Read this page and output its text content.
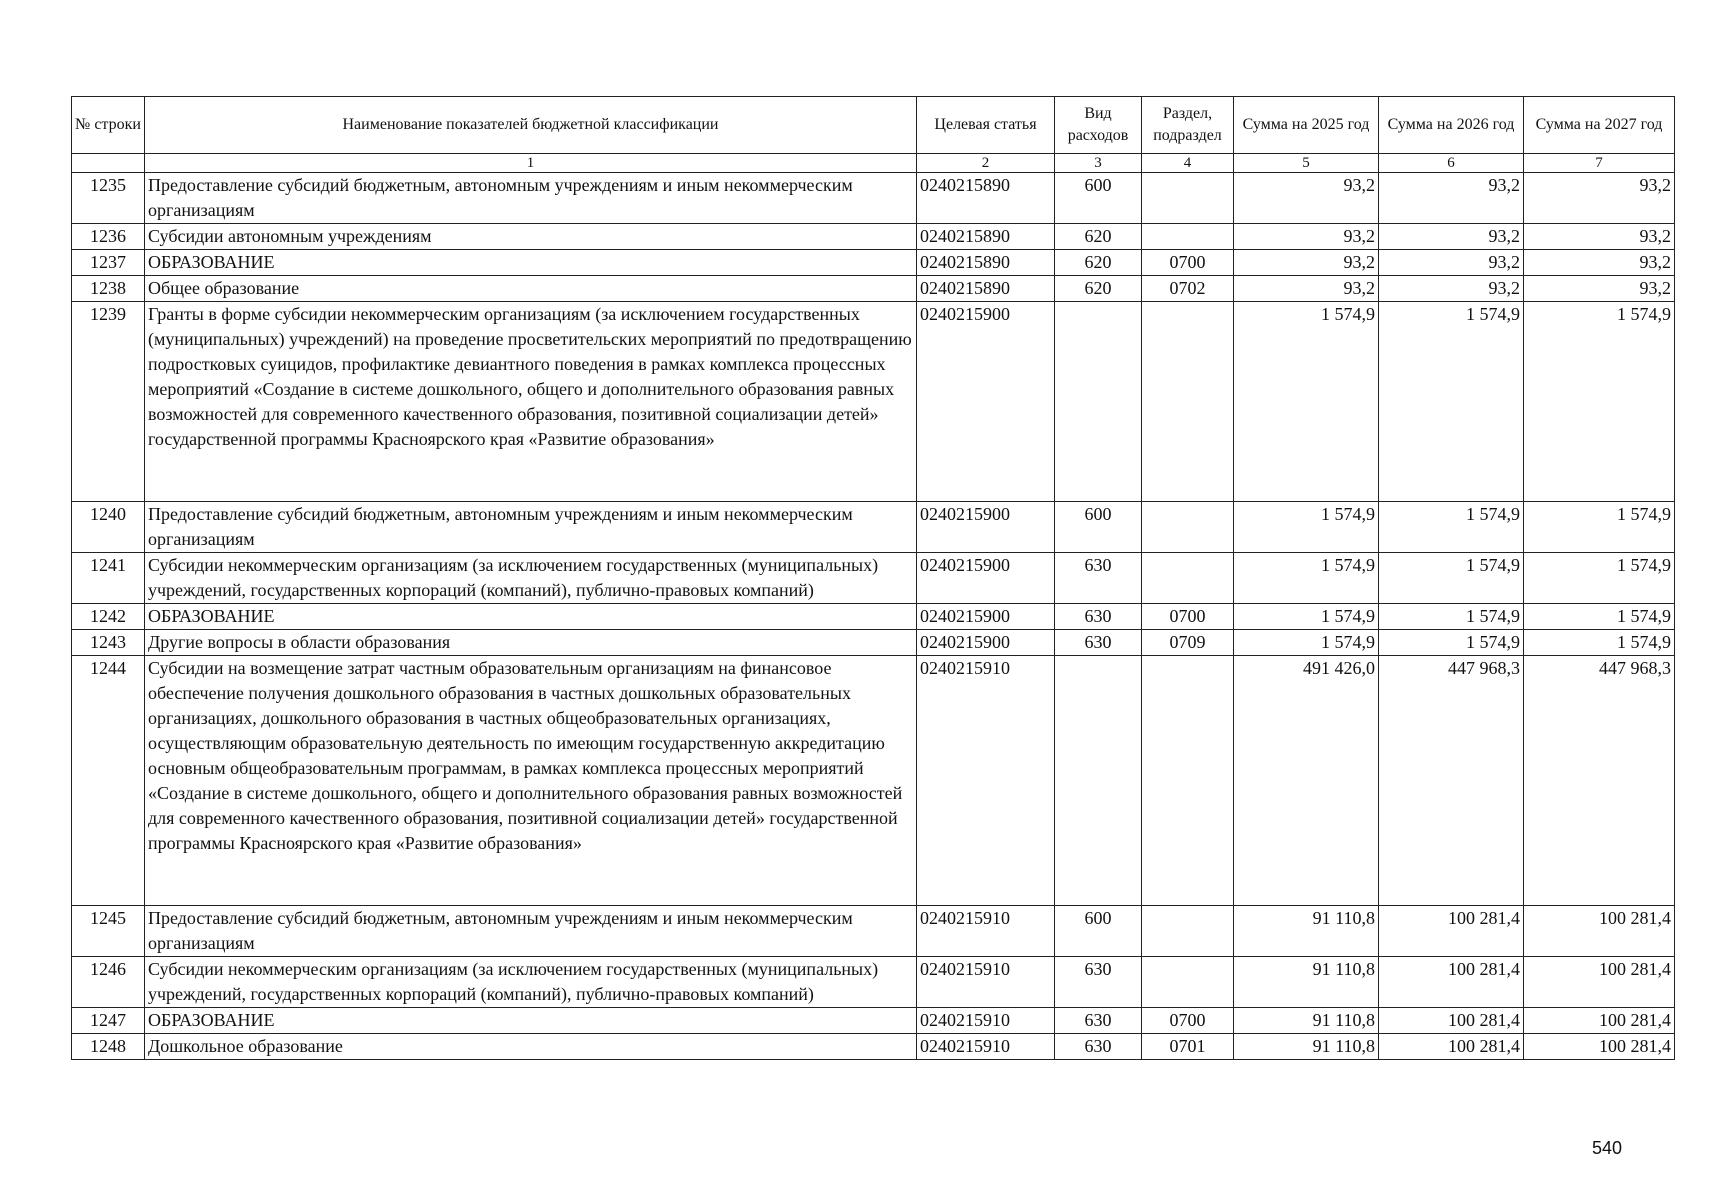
№ строки	Наименование показателей бюджетной классификации	Целевая статья	Вид расходов	Раздел, подраздел	Сумма на 2025 год	Сумма на 2026 год	Сумма на 2027 год
	1	2	3	4	5	6	7
1235	Предоставление субсидий бюджетным, автономным учреждениям и иным некоммерческим организациям	0240215890	600		93,2	93,2	93,2
1236	Субсидии автономным учреждениям	0240215890	620		93,2	93,2	93,2
1237	ОБРАЗОВАНИЕ	0240215890	620	0700	93,2	93,2	93,2
1238	Общее образование	0240215890	620	0702	93,2	93,2	93,2
1239	Гранты в форме субсидии некоммерческим организациям (за исключением государственных (муниципальных) учреждений) на проведение просветительских мероприятий по предотвращению подростковых суицидов, профилактике девиантного поведения в рамках комплекса процессных мероприятий «Создание в системе дошкольного, общего и дополнительного образования равных возможностей для современного качественного образования, позитивной социализации детей» государственной программы Красноярского края «Развитие образования»	0240215900			1 574,9	1 574,9	1 574,9
1240	Предоставление субсидий бюджетным, автономным учреждениям и иным некоммерческим организациям	0240215900	600		1 574,9	1 574,9	1 574,9
1241	Субсидии некоммерческим организациям (за исключением государственных (муниципальных) учреждений, государственных корпораций (компаний), публично-правовых компаний)	0240215900	630		1 574,9	1 574,9	1 574,9
1242	ОБРАЗОВАНИЕ	0240215900	630	0700	1 574,9	1 574,9	1 574,9
1243	Другие вопросы в области образования	0240215900	630	0709	1 574,9	1 574,9	1 574,9
1244	Субсидии на возмещение затрат частным образовательным организациям на финансовое обеспечение получения дошкольного образования в частных дошкольных образовательных организациях, дошкольного образования в частных общеобразовательных организациях, осуществляющим образовательную деятельность по имеющим государственную аккредитацию основным общеобразовательным программам, в рамках комплекса процессных мероприятий «Создание в системе дошкольного, общего и дополнительного образования равных возможностей для современного качественного образования, позитивной социализации детей» государственной программы Красноярского края «Развитие образования»	0240215910			491 426,0	447 968,3	447 968,3
1245	Предоставление субсидий бюджетным, автономным учреждениям и иным некоммерческим организациям	0240215910	600		91 110,8	100 281,4	100 281,4
1246	Субсидии некоммерческим организациям (за исключением государственных (муниципальных) учреждений, государственных корпораций (компаний), публично-правовых компаний)	0240215910	630		91 110,8	100 281,4	100 281,4
1247	ОБРАЗОВАНИЕ	0240215910	630	0700	91 110,8	100 281,4	100 281,4
1248	Дошкольное образование	0240215910	630	0701	91 110,8	100 281,4	100 281,4
540
